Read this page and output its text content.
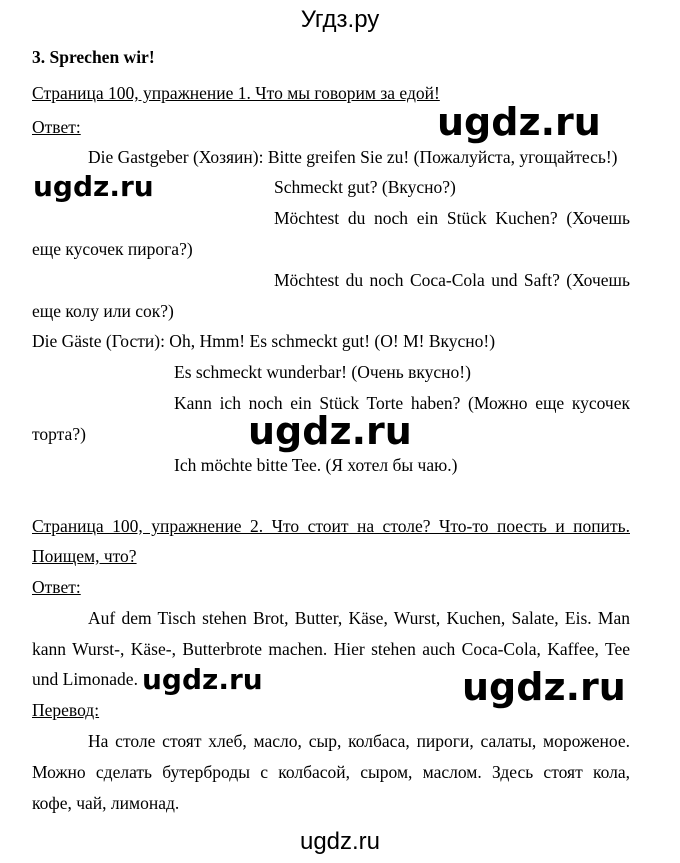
Угдз.ру
3. Sprechen wir!
Страница 100, упражнение 1. Что мы говорим за едой!
Ответ:
Die Gastgeber (Хозяин): Bitte greifen Sie zu! (Пожалуйста, угощайтесь!)
Schmeckt gut? (Вкусно?)
Möchtest du noch ein Stück Kuchen? (Хочешь
еще кусочек пирога?)
Möchtest du noch Coca-Cola und Saft? (Хочешь
еще колу или сок?)
Die Gäste (Гости): Oh, Hmm! Es schmeckt gut! (О! М! Вкусно!)
Es schmeckt wunderbar! (Очень вкусно!)
Kann ich noch ein Stück Torte haben? (Можно еще кусочек
торта?)
Ich möchte bitte Tee. (Я хотел бы чаю.)
Страница 100, упражнение 2. Что стоит на столе? Что-то поесть и попить.
Поищем, что?
Ответ:
Auf dem Tisch stehen Brot, Butter, Käse, Wurst, Kuchen, Salate, Eis. Man
kann Wurst-, Käse-, Butterbrote machen. Hier stehen auch Coca-Cola, Kaffee, Tee
und Limonade.
Перевод:
На столе стоят хлеб, масло, сыр, колбаса, пироги, салаты, мороженое.
Можно сделать бутерброды с колбасой, сыром, маслом. Здесь стоят кола,
кофе, чай, лимонад.
ugdz.ru
ugdz.ru
ugdz.ru
ugdz.ru	ugdz.ru
ugdz.ru
